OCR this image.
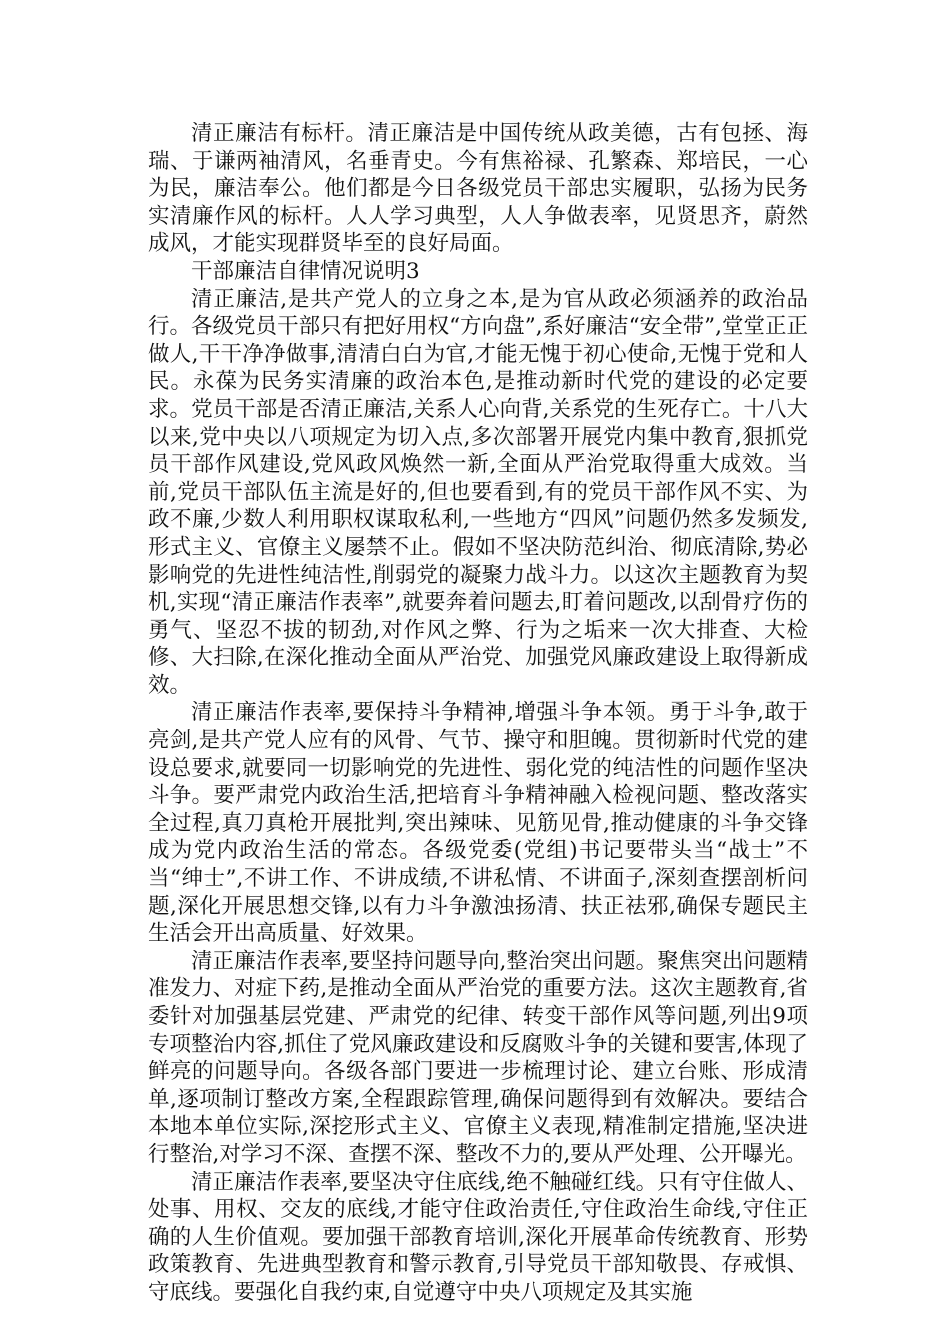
清正廉洁有标杆。清正廉洁是中国传统从政美德，古有包拯、海瑞、于谦两袖清风，名垂青史。今有焦裕禄、孔繁森、郑培民，一心为民，廉洁奉公。他们都是今日各级党员干部忠实履职，弘扬为民务实清廉作风的标杆。人人学习典型，人人争做表率，见贤思齐，蔚然成风，才能实现群贤毕至的良好局面。

干部廉洁自律情况说明3

清正廉洁,是共产党人的立身之本,是为官从政必须涵养的政治品行。各级党员干部只有把好用权“方向盘”,系好廉洁“安全带”,堂堂正正做人,干干净净做事,清清白白为官,才能无愧于初心使命,无愧于党和人民。永葆为民务实清廉的政治本色,是推动新时代党的建设的必定要求。党员干部是否清正廉洁,关系人心向背,关系党的生死存亡。十八大以来,党中央以八项规定为切入点,多次部署开展党内集中教育,狠抓党员干部作风建设,党风政风焕然一新,全面从严治党取得重大成效。当前,党员干部队伍主流是好的,但也要看到,有的党员干部作风不实、为政不廉,少数人利用职权谋取私利,一些地方“四风”问题仍然多发频发,形式主义、官僚主义屡禁不止。假如不坚决防范纠治、彻底清除,势必影响党的先进性纯洁性,削弱党的凝聚力战斗力。以这次主题教育为契机,实现“清正廉洁作表率”,就要奔着问题去,盯着问题改,以刮骨疗伤的勇气、坚忍不拔的韧劲,对作风之弊、行为之垢来一次大排查、大检修、大扫除,在深化推动全面从严治党、加强党风廉政建设上取得新成效。

清正廉洁作表率,要保持斗争精神,增强斗争本领。勇于斗争,敢于亮剑,是共产党人应有的风骨、气节、操守和胆魄。贯彻新时代党的建设总要求,就要同一切影响党的先进性、弱化党的纯洁性的问题作坚决斗争。要严肃党内政治生活,把培育斗争精神融入检视问题、整改落实全过程,真刀真枪开展批判,突出辣味、见筋见骨,推动健康的斗争交锋成为党内政治生活的常态。各级党委(党组)书记要带头当“战士”不当“绅士”,不讲工作、不讲成绩,不讲私情、不讲面子,深刻查摆剖析问题,深化开展思想交锋,以有力斗争激浊扬清、扶正祛邪,确保专题民主生活会开出高质量、好效果。

清正廉洁作表率,要坚持问题导向,整治突出问题。聚焦突出问题精准发力、对症下药,是推动全面从严治党的重要方法。这次主题教育,省委针对加强基层党建、严肃党的纪律、转变干部作风等问题,列出9项专项整治内容,抓住了党风廉政建设和反腐败斗争的关键和要害,体现了鲜亮的问题导向。各级各部门要进一步梳理讨论、建立台账、形成清单,逐项制订整改方案,全程跟踪管理,确保问题得到有效解决。要结合本地本单位实际,深挖形式主义、官僚主义表现,精准制定措施,坚决进行整治,对学习不深、查摆不深、整改不力的,要从严处理、公开曝光。

清正廉洁作表率,要坚决守住底线,绝不触碰红线。只有守住做人、处事、用权、交友的底线,才能守住政治责任,守住政治生命线,守住正确的人生价值观。要加强干部教育培训,深化开展革命传统教育、形势政策教育、先进典型教育和警示教育,引导党员干部知敬畏、存戒惧、守底线。要强化自我约束,自觉遵守中央八项规定及其实施
